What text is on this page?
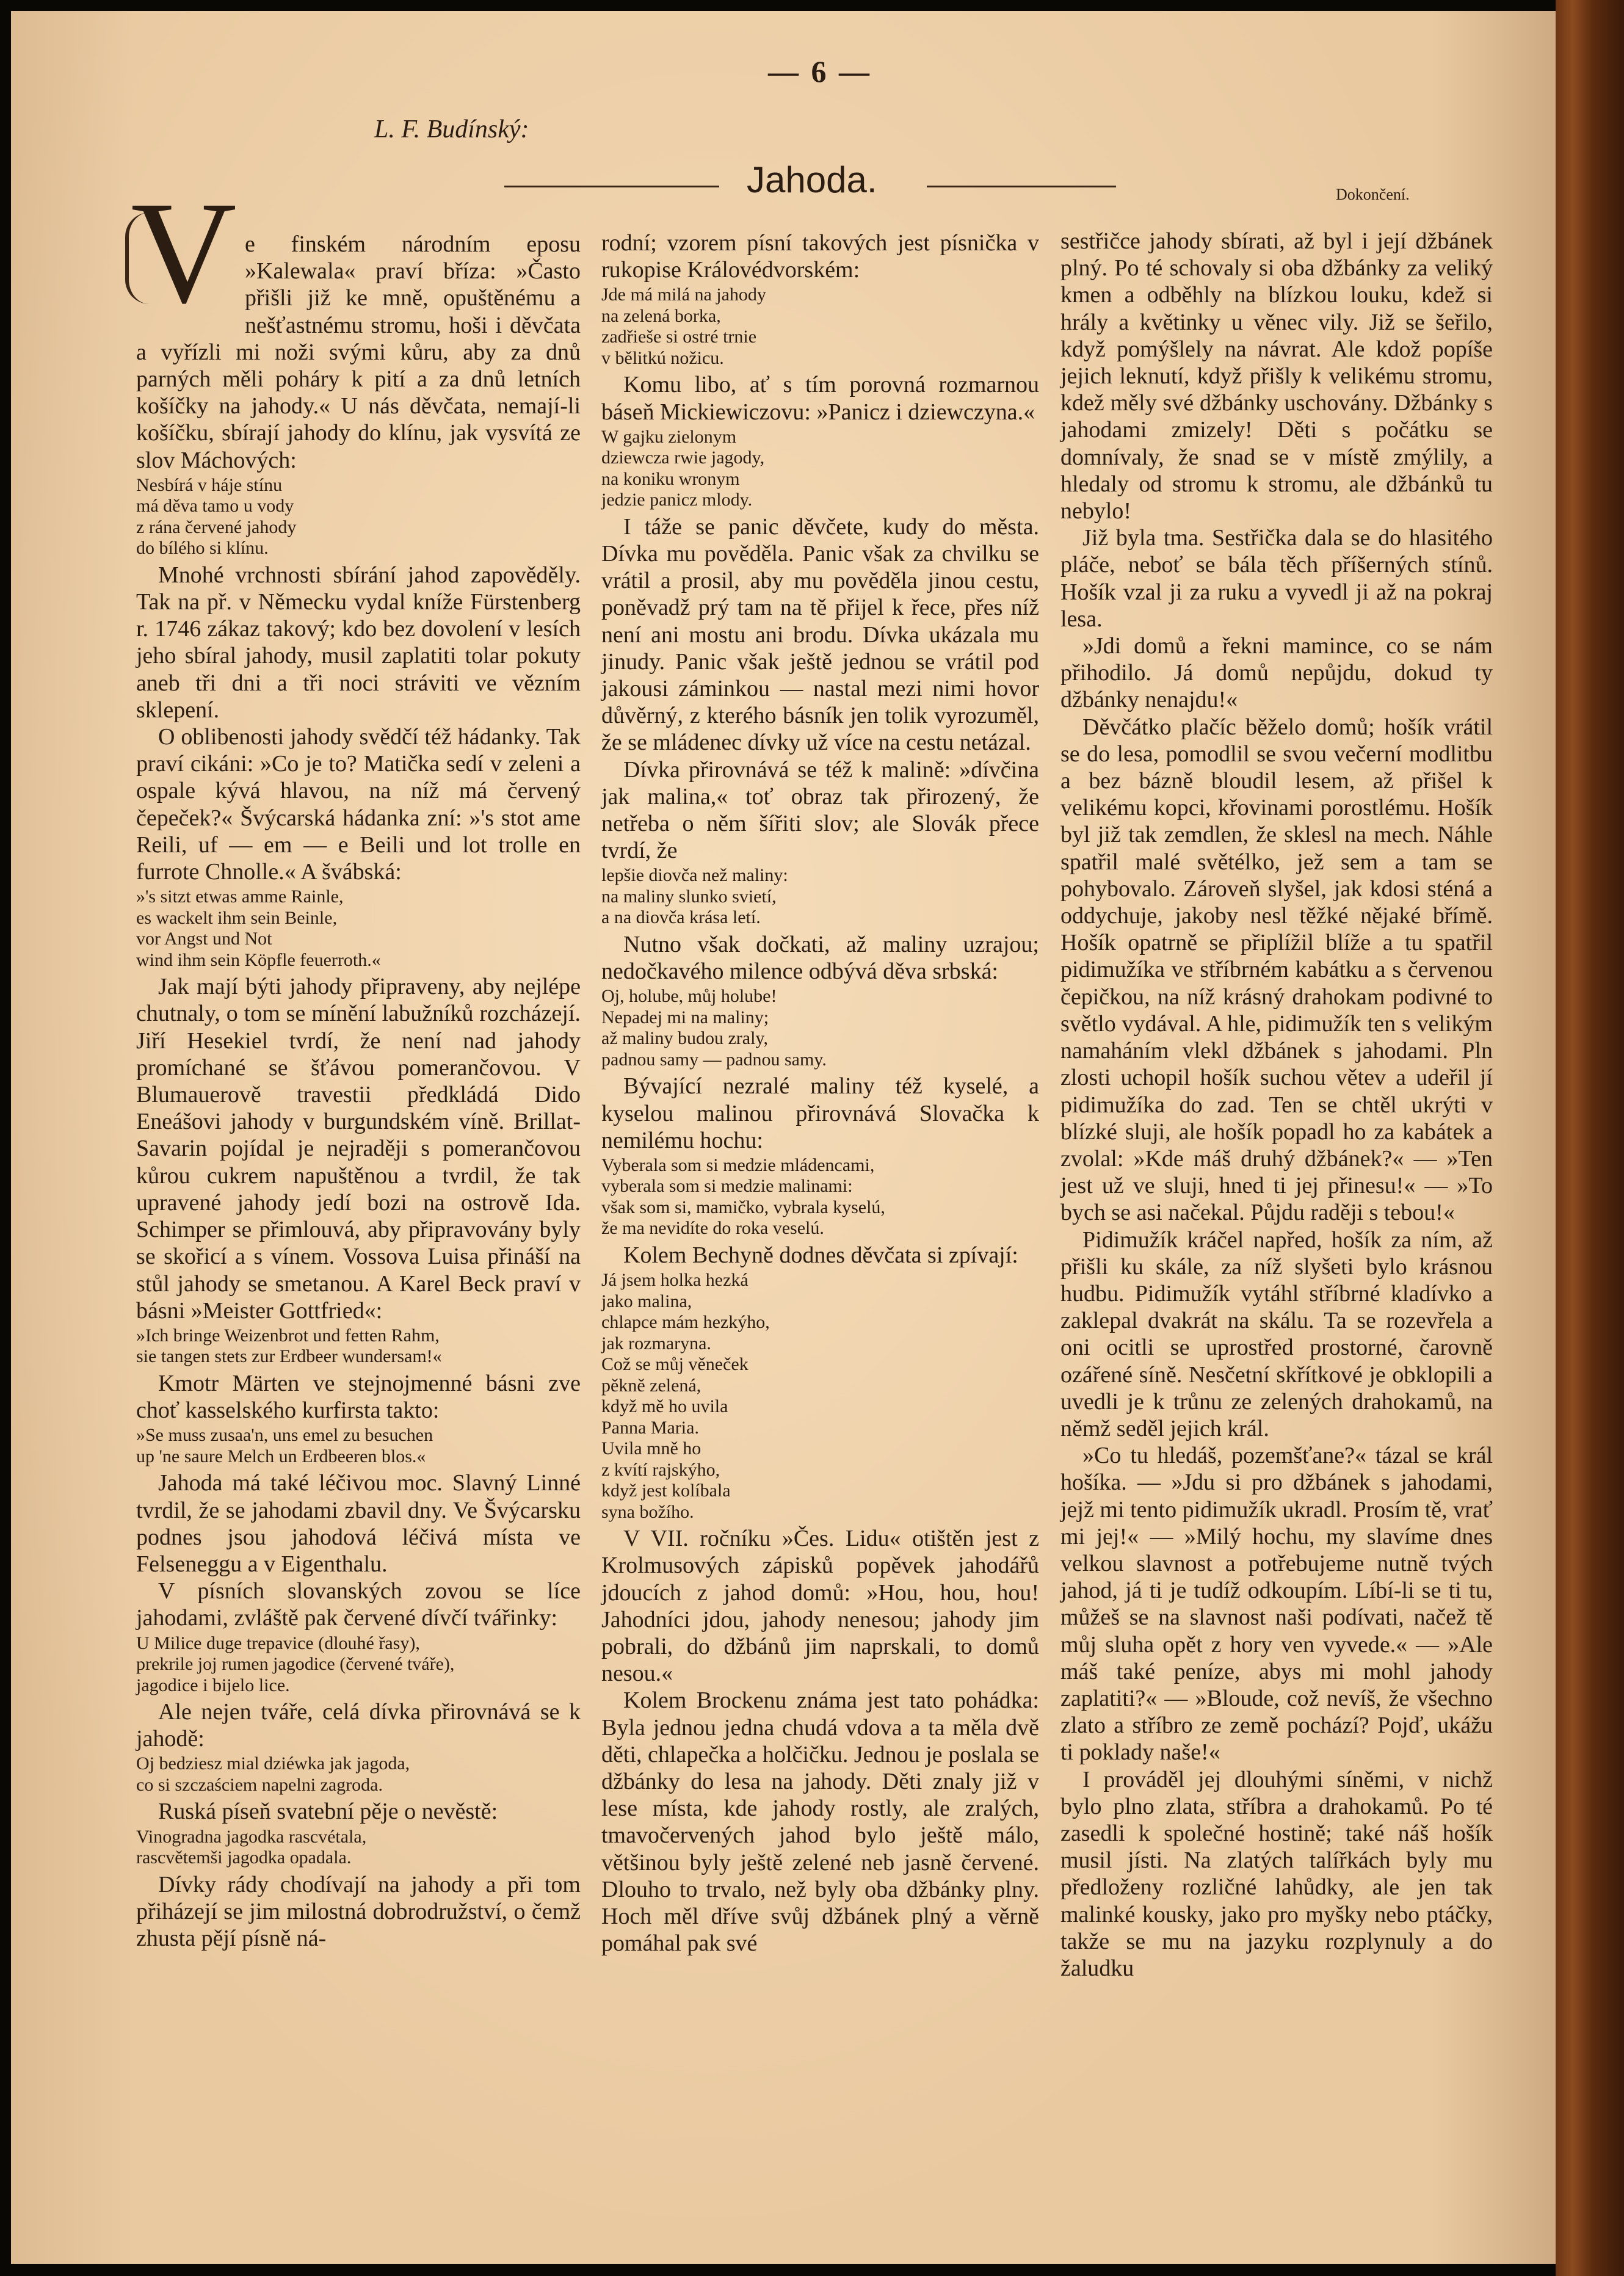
— 6 —
L. F. Budínský:
Jahoda.	Dokončení.
V e finském národním eposu »Kalewala« praví bříza: »Často přišli již ke mně, opuštěnému a nešťastnému stromu, hoši i děvčata a vyřízli mi noži svými kůru, aby za dnů parných měli poháry k pití a za dnů letních košíčky na jahody.« U nás děvčata, nemají-li košíčku, sbírají jahody do klínu, jak vysvítá ze slov Máchových:

Nesbírá v háje stínu
má děva tamo u vody
z rána červené jahody
do bílého si klínu.

Mnohé vrchnosti sbírání jahod zapověděly. Tak na př. v Německu vydal kníže Fürstenberg r. 1746 zákaz takový; kdo bez dovolení v lesích jeho sbíral jahody, musil zaplatiti tolar pokuty aneb tři dni a tři noci stráviti ve vězním sklepení.

O oblibenosti jahody svědčí též hádanky. Tak praví cikáni: »Co je to? Matička sedí v zeleni a ospale kývá hlavou, na níž má červený čepeček?« Švýcarská hádanka zní: »'s stot ame Reili, uf — em — e Beili und lot trolle en furrote Chnolle.« A švábská:

»'s sitzt etwas amme Rainle,
es wackelt ihm sein Beinle,
vor Angst und Not
wind ihm sein Köpfle feuerroth.«

Jak mají býti jahody připraveny, aby nejlépe chutnaly, o tom se mínění labužníků rozcházejí. Jiří Hesekiel tvrdí, že není nad jahody promíchané se šťávou pomerančovou. V Blumauerově travestii předkládá Dido Eneášovi jahody v burgundském víně. Brillat-Savarin pojídal je nejraději s pomerančovou kůrou cukrem napuštěnou a tvrdil, že tak upravené jahody jedí bozi na ostrově Ida. Schimper se přimlouvá, aby připravovány byly se skořicí a s vínem. Vossova Luisa přináší na stůl jahody se smetanou. A Karel Beck praví v básni »Meister Gottfried«:

»Ich bringe Weizenbrot und fetten Rahm,
sie tangen stets zur Erdbeer wundersam!«

Kmotr Märten ve stejnojmenné básni zve choť kasselského kurfirsta takto:

»Se muss zusaa'n, uns emel zu besuchen
up 'ne saure Melch un Erdbeeren blos.«

Jahoda má také léčivou moc. Slavný Linné tvrdil, že se jahodami zbavil dny. Ve Švýcarsku podnes jsou jahodová léčivá místa ve Felseneggu a v Eigenthalu.

V písních slovanských zovou se líce jahodami, zvláště pak červené dívčí tvářinky:

U Milice duge trepavice (dlouhé řasy),
prekrile joj rumen jagodice (červené tváře),
jagodice i bijelo lice.

Ale nejen tváře, celá dívka přirovnává se k jahodě:

Oj bedziesz mial dziéwka jak jagoda,
co si szczaściem napelni zagroda.

Ruská píseň svatební pěje o nevěstě:

Vinogradna jagodka rascvétala,
rascvětemši jagodka opadala.

Dívky rády chodívají na jahody a při tom přiházejí se jim milostná dobrodružství, o čemž zhusta pějí písně ná-

rodní; vzorem písní takových jest písnička v rukopise Královédvorském:

Jde má milá na jahody
na zelená borka,
zadřieše si ostré trnie
v bělitkú nožicu.

Komu libo, ať s tím porovná rozmarnou báseň Mickiewiczovu: »Panicz i dziewczyna.«

W gajku zielonym
dziewcza rwie jagody,
na koniku wronym
jedzie panicz mlody.

I táže se panic děvčete, kudy do města. Dívka mu pověděla. Panic však za chvilku se vrátil a prosil, aby mu pověděla jinou cestu, poněvadž prý tam na tě přijel k řece, přes níž není ani mostu ani brodu. Dívka ukázala mu jinudy. Panic však ještě jednou se vrátil pod jakousi záminkou — nastal mezi nimi hovor důvěrný, z kterého básník jen tolik vyrozuměl, že se mládenec dívky už více na cestu netázal.

Dívka přirovnává se též k malině: »dívčina jak malina,« toť obraz tak přirozený, že netřeba o něm šířiti slov; ale Slovák přece tvrdí, že

lepšie diovča než maliny:
na maliny slunko svietí,
a na diovča krása letí.

Nutno však dočkati, až maliny uzrajou; nedočkavého milence odbývá děva srbská:

Oj, holube, můj holube!
Nepadej mi na maliny;
až maliny budou zraly,
padnou samy — padnou samy.

Bývající nezralé maliny též kyselé, a kyselou malinou přirovnává Slovačka k nemilému hochu:

Vyberala som si medzie mládencami,
vyberala som si medzie malinami:
však som si, mamičko, vybrala kyselú,
že ma nevidíte do roka veselú.

Kolem Bechyně dodnes děvčata si zpívají:

Já jsem holka hezká
jako malina,
chlapce mám hezkýho,
jak rozmaryna.
Což se můj věneček
pěkně zelená,
když mě ho uvila
Panna Maria.
Uvila mně ho
z kvítí rajskýho,
když jest kolíbala
syna božího.

V VII. ročníku »Čes. Lidu« otištěn jest z Krolmusových zápisků popěvek jahodářů jdoucích z jahod domů: »Hou, hou, hou! Jahodníci jdou, jahody nenesou; jahody jim pobrali, do džbánů jim naprskali, to domů nesou.«

Kolem Brockenu známa jest tato pohádka: Byla jednou jedna chudá vdova a ta měla dvě děti, chlapečka a holčičku. Jednou je poslala se džbánky do lesa na jahody. Děti znaly již v lese místa, kde jahody rostly, ale zralých, tmavočervených jahod bylo ještě málo, většinou byly ještě zelené neb jasně červené. Dlouho to trvalo, než byly oba džbánky plny. Hoch měl dříve svůj džbánek plný a věrně pomáhal pak své

sestřičce jahody sbírati, až byl i její džbánek plný. Po té schovaly si oba džbánky za veliký kmen a odběhly na blízkou louku, kdež si hrály a květinky u věnec vily. Již se šeřilo, když pomýšlely na návrat. Ale kdož popíše jejich leknutí, když přišly k velikému stromu, kdež měly své džbánky uschovány. Džbánky s jahodami zmizely! Děti s počátku se domnívaly, že snad se v místě zmýlily, a hledaly od stromu k stromu, ale džbánků tu nebylo!

Již byla tma. Sestřička dala se do hlasitého pláče, neboť se bála těch příšerných stínů. Hošík vzal ji za ruku a vyvedl ji až na pokraj lesa.

»Jdi domů a řekni mamince, co se nám přihodilo. Já domů nepůjdu, dokud ty džbánky nenajdu!«

Děvčátko plačíc běželo domů; hošík vrátil se do lesa, pomodlil se svou večerní modlitbu a bez bázně bloudil lesem, až přišel k velikému kopci, křovinami porostlému. Hošík byl již tak zemdlen, že sklesl na mech. Náhle spatřil malé světélko, jež sem a tam se pohybovalo. Zároveň slyšel, jak kdosi sténá a oddychuje, jakoby nesl těžké nějaké břímě. Hošík opatrně se připlížil blíže a tu spatřil pidimužíka ve stříbrném kabátku a s červenou čepičkou, na níž krásný drahokam podivné to světlo vydával. A hle, pidimužík ten s velikým namaháním vlekl džbánek s jahodami. Pln zlosti uchopil hošík suchou větev a udeřil jí pidimužíka do zad. Ten se chtěl ukrýti v blízké sluji, ale hošík popadl ho za kabátek a zvolal: »Kde máš druhý džbánek?« — »Ten jest už ve sluji, hned ti jej přinesu!« — »To bych se asi načekal. Půjdu raději s tebou!«

Pidimužík kráčel napřed, hošík za ním, až přišli ku skále, za níž slyšeti bylo krásnou hudbu. Pidimužík vytáhl stříbrné kladívko a zaklepal dvakrát na skálu. Ta se rozevřela a oni ocitli se uprostřed prostorné, čarovně ozářené síně. Nesčetní skřítkové je obklopili a uvedli je k trůnu ze zelených drahokamů, na němž seděl jejich král.

»Co tu hledáš, pozemšťane?« tázal se král hošíka. — »Jdu si pro džbánek s jahodami, jejž mi tento pidimužík ukradl. Prosím tě, vrať mi jej!« — »Milý hochu, my slavíme dnes velkou slavnost a potřebujeme nutně tvých jahod, já ti je tudíž odkoupím. Líbí-li se ti tu, můžeš se na slavnost naši podívati, načež tě můj sluha opět z hory ven vyvede.« — »Ale máš také peníze, abys mi mohl jahody zaplatiti?« — »Bloude, což nevíš, že všechno zlato a stříbro ze země pochází? Pojď, ukážu ti poklady naše!«

I prováděl jej dlouhými síněmi, v nichž bylo plno zlata, stříbra a drahokamů. Po té zasedli k společné hostině; také náš hošík musil jísti. Na zlatých talířkách byly mu předloženy rozličné lahůdky, ale jen tak malinké kousky, jako pro myšky nebo ptáčky, takže se mu na jazyku rozplynuly a do žaludku
